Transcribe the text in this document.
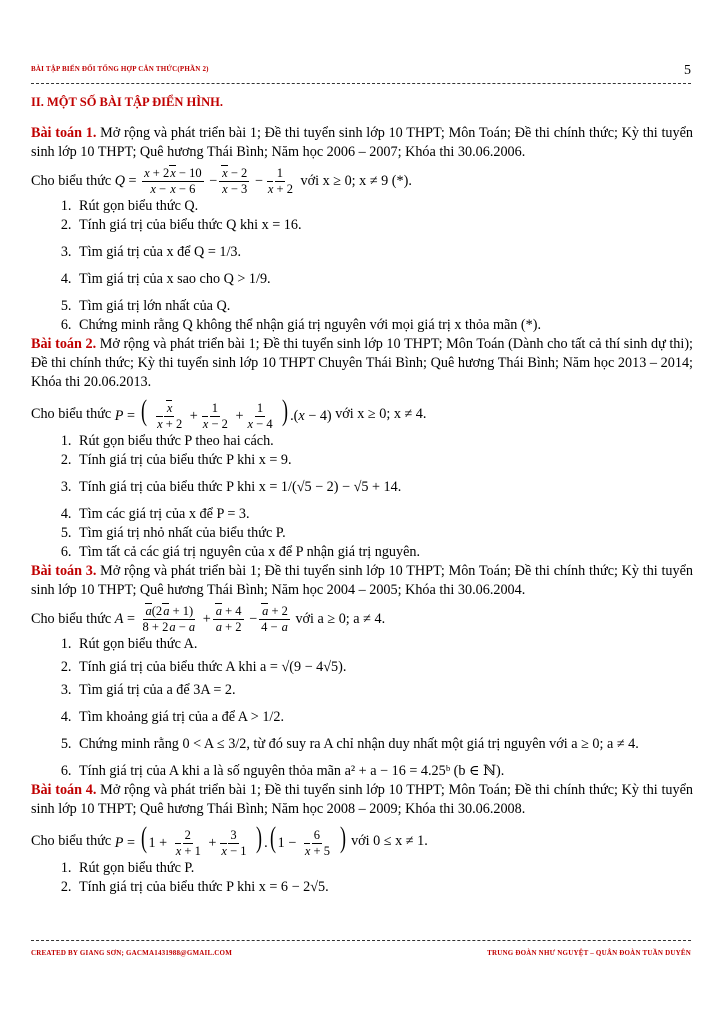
BÀI TẬP BIẾN ĐỔI TỔNG HỢP CĂN THỨC(PHẦN 2)	5
II. MỘT SỐ BÀI TẬP ĐIỂN HÌNH.

Bài toán 1. Mở rộng và phát triển bài 1; Đề thi tuyển sinh lớp 10 THPT; Môn Toán; Đề thi chính thức; Kỳ thi tuyển sinh lớp 10 THPT; Quê hương Thái Bình; Năm học 2006 – 2007; Khóa thi 30.06.2006.

Cho biểu thức
$Q = \frac{x + 2x - 10}{x - x - 6} - \frac{x - 2}{x - 3} - \frac{1}{x + 2}$
với x ≥ 0; x ≠ 9 (*).
1. Rút gọn biểu thức Q.
2. Tính giá trị của biểu thức Q khi x = 16.
3. Tìm giá trị của x để Q = 1/3.
4. Tìm giá trị của x sao cho Q > 1/9.
5. Tìm giá trị lớn nhất của Q.
6. Chứng minh rằng Q không thể nhận giá trị nguyên với mọi giá trị x thỏa mãn (*).

Bài toán 2. Mở rộng và phát triển bài 1; Đề thi tuyển sinh lớp 10 THPT; Môn Toán (Dành cho tất cả thí sinh dự thi); Đề thi chính thức; Kỳ thi tuyển sinh lớp 10 THPT Chuyên Thái Bình; Quê hương Thái Bình; Năm học 2013 – 2014; Khóa thi 20.06.2013.

Cho biểu thức
P = ( $\frac{x}{x + 2} + \frac{1}{x - 2} + \frac{1}{x - 4}$ ) .(x − 4)
với x ≥ 0; x ≠ 4.
1. Rút gọn biểu thức P theo hai cách.
2. Tính giá trị của biểu thức P khi x = 9.
3. Tính giá trị của biểu thức P khi x = 1/(√5 − 2) − √5 + 14.
4. Tìm các giá trị của x để P = 3.
5. Tìm giá trị nhỏ nhất của biểu thức P.
6. Tìm tất cả các giá trị nguyên của x để P nhận giá trị nguyên.

Bài toán 3. Mở rộng và phát triển bài 1; Đề thi tuyển sinh lớp 10 THPT; Môn Toán; Đề thi chính thức; Kỳ thi tuyển sinh lớp 10 THPT; Quê hương Thái Bình; Năm học 2004 – 2005; Khóa thi 30.06.2004.

Cho biểu thức
$A = \frac{a(2a + 1)}{8 + 2a - a} + \frac{a + 4}{a + 2} - \frac{a + 2}{4 - a}$
với a ≥ 0; a ≠ 4.
1. Rút gọn biểu thức A.
2. Tính giá trị của biểu thức A khi a = √(9 − 4√5).
3. Tìm giá trị của a để 3A = 2.
4. Tìm khoảng giá trị của a để A > 1/2.
5. Chứng minh rằng 0 < A ≤ 3/2, từ đó suy ra A chỉ nhận duy nhất một giá trị nguyên với a ≥ 0; a ≠ 4.
6. Tính giá trị của A khi a là số nguyên thỏa mãn a² + a − 16 = 4.25ᵇ (b ∈ ℕ).

Bài toán 4. Mở rộng và phát triển bài 1; Đề thi tuyển sinh lớp 10 THPT; Môn Toán; Đề thi chính thức; Kỳ thi tuyển sinh lớp 10 THPT; Quê hương Thái Bình; Năm học 2008 – 2009; Khóa thi 30.06.2008.

Cho biểu thức
P = ( $1 + \frac{2}{x + 1} + \frac{3}{x - 1}$ ) .( $1 - \frac{6}{x + 5}$ )
với 0 ≤ x ≠ 1.
1. Rút gọn biểu thức P.
2. Tính giá trị của biểu thức P khi x = 6 − 2√5.
CREATED BY GIANG SƠN; GACMA1431988@GMAIL.COM	TRUNG ĐOÀN NHƯ NGUYỆT – QUÂN ĐOÀN TUẦN DUYÊN
